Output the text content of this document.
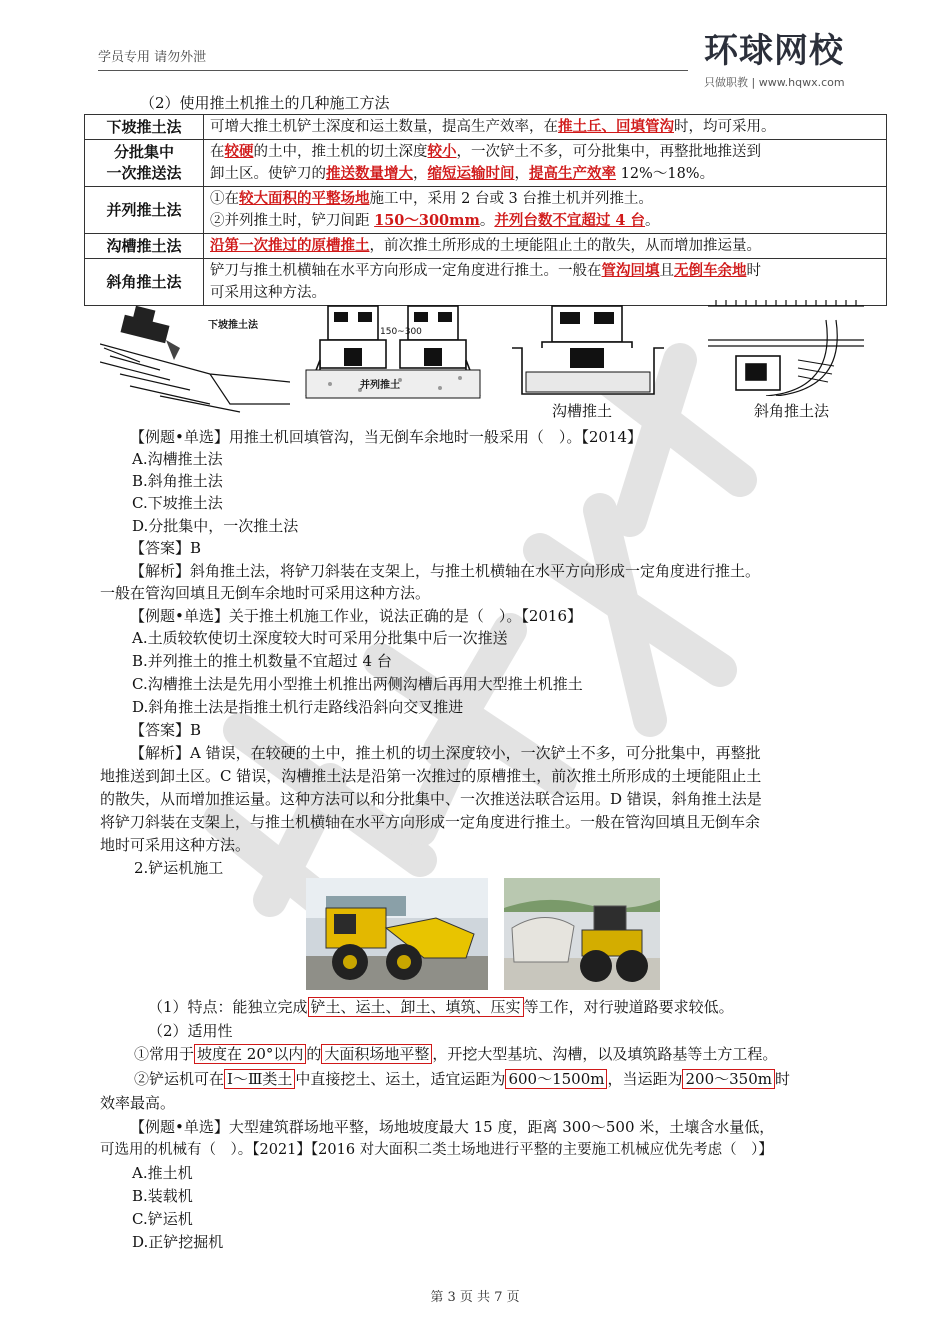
学员专用 请勿外泄	环球网校
只做职教 | www.hqwx.com
（2）使用推土机推土的几种施工方法
下坡推土法	可增大推土机铲土深度和运土数量，提高生产效率，在推土丘、回填管沟时，均可采用。
分批集中
一次推送法	在较硬的土中，推土机的切土深度较小，一次铲土不多，可分批集中，再整批地推送到
卸土区。使铲刀的推送数量增大，缩短运输时间，提高生产效率 12%～18%。
并列推土法	①在较大面积的平整场地施工中，采用 2 台或 3 台推土机并列推土。
②并列推土时，铲刀间距 150～300mm。并列台数不宜超过 4 台。
沟槽推土法	沿第一次推过的原槽推土，前次推土所形成的土埂能阻止土的散失，从而增加推运量。
斜角推土法	铲刀与推土机横轴在水平方向形成一定角度进行推土。一般在管沟回填且无倒车余地时
可采用这种方法。
下坡推土法
150~300
并列推土
沟槽推土	斜角推土法
【例题•单选】用推土机回填管沟，当无倒车余地时一般采用（　）。【2014】
A.沟槽推土法
B.斜角推土法
C.下坡推土法
D.分批集中，一次推土法
【答案】B
【解析】斜角推土法，将铲刀斜装在支架上，与推土机横轴在水平方向形成一定角度进行推土。
一般在管沟回填且无倒车余地时可采用这种方法。
【例题•单选】关于推土机施工作业，说法正确的是（　）。【2016】
A.土质较软使切土深度较大时可采用分批集中后一次推送
B.并列推土的推土机数量不宜超过 4 台
C.沟槽推土法是先用小型推土机推出两侧沟槽后再用大型推土机推土
D.斜角推土法是指推土机行走路线沿斜向交叉推进
【答案】B
【解析】A 错误，在较硬的土中，推土机的切土深度较小，一次铲土不多，可分批集中，再整批
地推送到卸土区。C 错误，沟槽推土法是沿第一次推过的原槽推土，前次推土所形成的土埂能阻止土
的散失，从而增加推运量。这种方法可以和分批集中、一次推送法联合运用。D 错误，斜角推土法是
将铲刀斜装在支架上，与推土机横轴在水平方向形成一定角度进行推土。一般在管沟回填且无倒车余
地时可采用这种方法。
2.铲运机施工
（1）特点：能独立完成 铲土、运土、卸土、填筑、压实 等工作，对行驶道路要求较低。
（2）适用性
①常用于 坡度在 20°以内 的 大面积场地平整 ，开挖大型基坑、沟槽，以及填筑路基等土方工程。
②铲运机可在 Ⅰ～Ⅲ类土 中直接挖土、运土，适宜运距为 600～1500m ，当运距为 200～350m 时
效率最高。
【例题•单选】大型建筑群场地平整，场地坡度最大 15 度，距离 300～500 米，土壤含水量低，
可选用的机械有（　）。【2021】【2016 对大面积二类土场地进行平整的主要施工机械应优先考虑（　）】
A.推土机
B.装载机
C.铲运机
D.正铲挖掘机
第 3 页 共 7 页
